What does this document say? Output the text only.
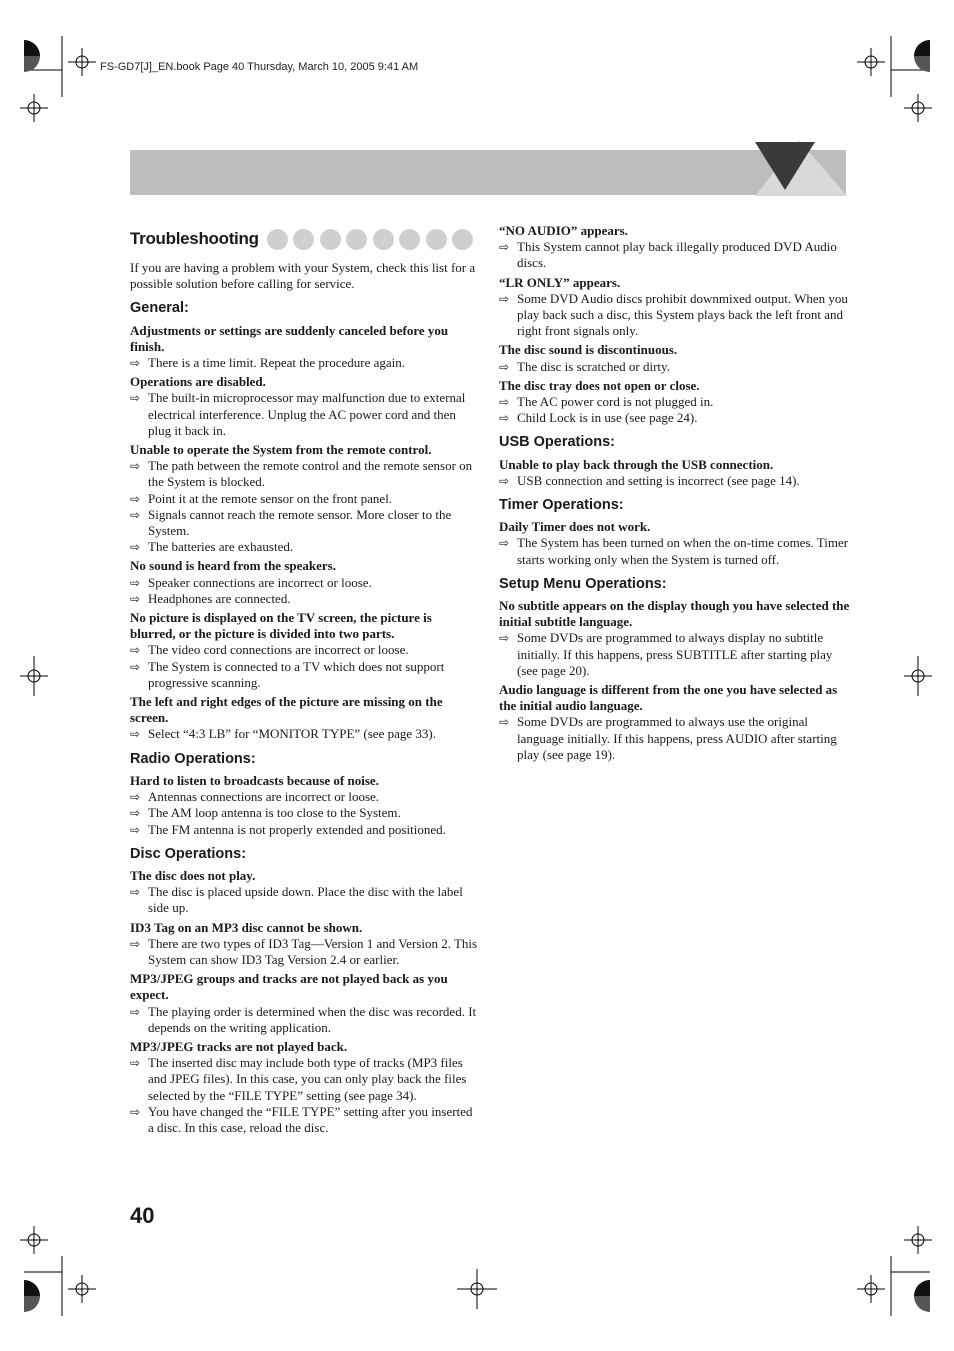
FS-GD7[J]_EN.book Page 40 Thursday, March 10, 2005 9:41 AM
Troubleshooting
If you are having a problem with your System, check this list for a possible solution before calling for service.
General:
Adjustments or settings are suddenly canceled before you finish.
⇨ There is a time limit. Repeat the procedure again.
Operations are disabled.
⇨ The built-in microprocessor may malfunction due to external electrical interference. Unplug the AC power cord and then plug it back in.
Unable to operate the System from the remote control.
⇨ The path between the remote control and the remote sensor on the System is blocked.
⇨ Point it at the remote sensor on the front panel.
⇨ Signals cannot reach the remote sensor. More closer to the System.
⇨ The batteries are exhausted.
No sound is heard from the speakers.
⇨ Speaker connections are incorrect or loose.
⇨ Headphones are connected.
No picture is displayed on the TV screen, the picture is blurred, or the picture is divided into two parts.
⇨ The video cord connections are incorrect or loose.
⇨ The System is connected to a TV which does not support progressive scanning.
The left and right edges of the picture are missing on the screen.
⇨ Select “4:3 LB” for “MONITOR TYPE” (see page 33).
Radio Operations:
Hard to listen to broadcasts because of noise.
⇨ Antennas connections are incorrect or loose.
⇨ The AM loop antenna is too close to the System.
⇨ The FM antenna is not properly extended and positioned.
Disc Operations:
The disc does not play.
⇨ The disc is placed upside down. Place the disc with the label side up.
ID3 Tag on an MP3 disc cannot be shown.
⇨ There are two types of ID3 Tag—Version 1 and Version 2. This System can show ID3 Tag Version 2.4 or earlier.
MP3/JPEG groups and tracks are not played back as you expect.
⇨ The playing order is determined when the disc was recorded. It depends on the writing application.
MP3/JPEG tracks are not played back.
⇨ The inserted disc may include both type of tracks (MP3 files and JPEG files). In this case, you can only play back the files selected by the “FILE TYPE” setting (see page 34).
⇨ You have changed the “FILE TYPE” setting after you inserted a disc. In this case, reload the disc.
“NO AUDIO” appears.
⇨ This System cannot play back illegally produced DVD Audio discs.
“LR ONLY” appears.
⇨ Some DVD Audio discs prohibit downmixed output. When you play back such a disc, this System plays back the left front and right front signals only.
The disc sound is discontinuous.
⇨ The disc is scratched or dirty.
The disc tray does not open or close.
⇨ The AC power cord is not plugged in.
⇨ Child Lock is in use (see page 24).
USB Operations:
Unable to play back through the USB connection.
⇨ USB connection and setting is incorrect (see page 14).
Timer Operations:
Daily Timer does not work.
⇨ The System has been turned on when the on-time comes. Timer starts working only when the System is turned off.
Setup Menu Operations:
No subtitle appears on the display though you have selected the initial subtitle language.
⇨ Some DVDs are programmed to always display no subtitle initially. If this happens, press SUBTITLE after starting play (see page 20).
Audio language is different from the one you have selected as the initial audio language.
⇨ Some DVDs are programmed to always use the original language initially. If this happens, press AUDIO after starting play (see page 19).
40
